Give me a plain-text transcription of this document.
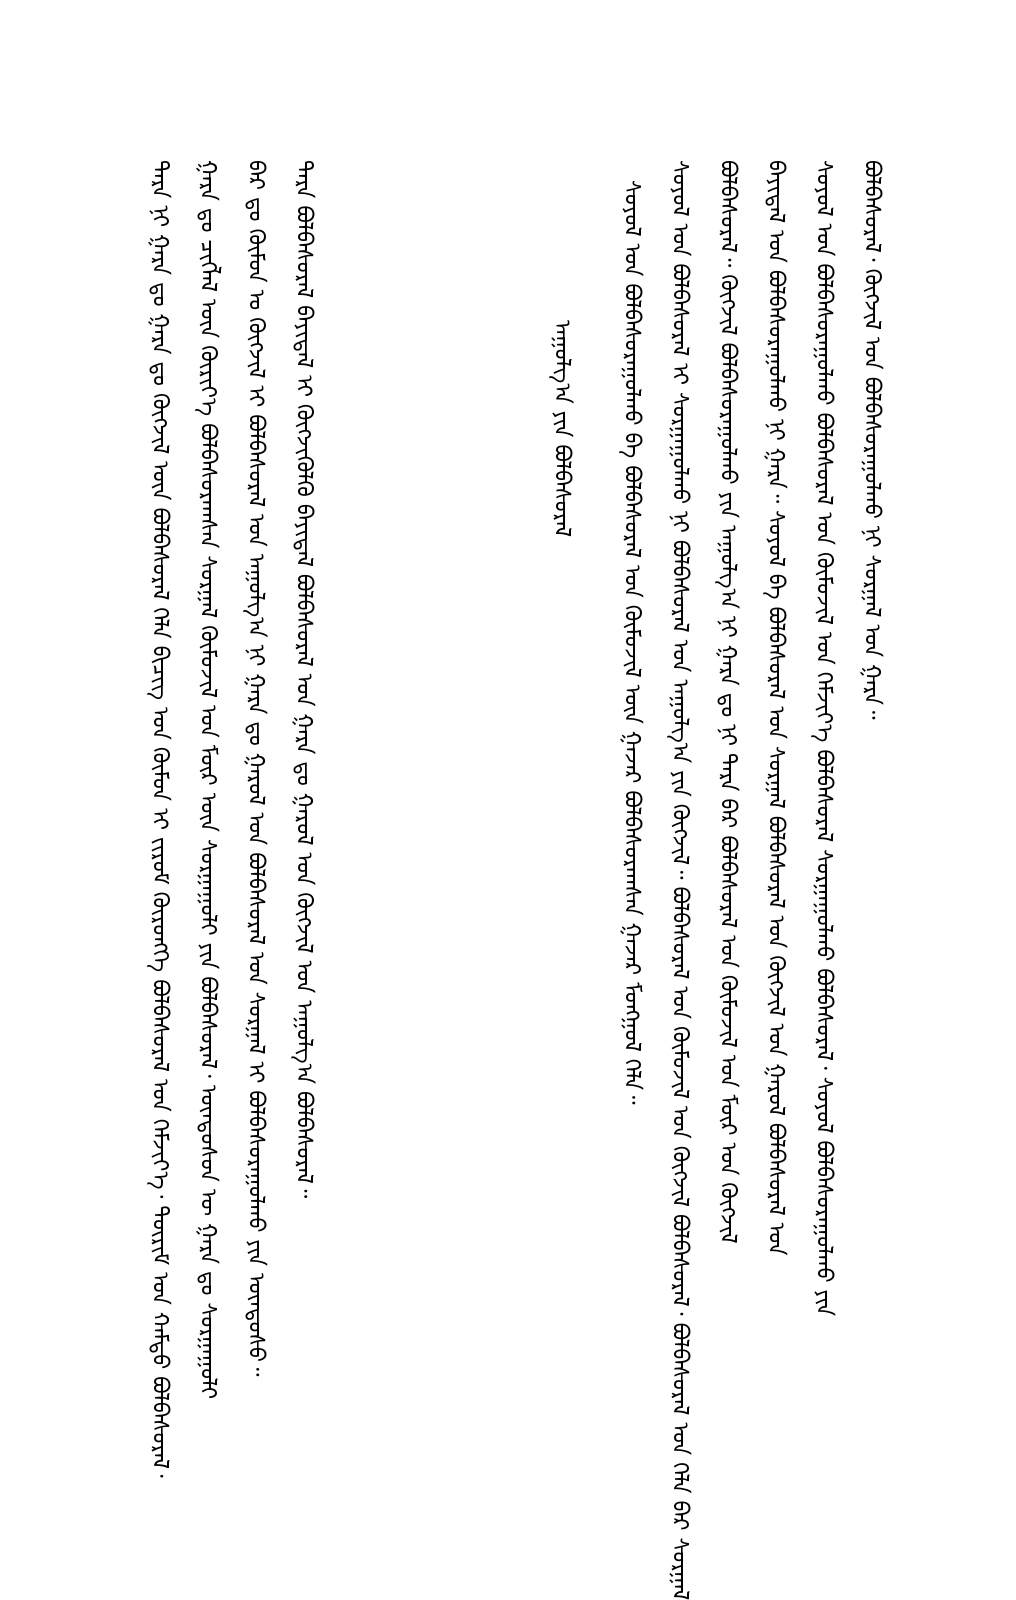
ᠲᠡᠷᠡ ᠨᠢ ᠭᠠᠷᠠ ᠳᠤ ᠭᠠᠷᠠ ᠳᠤ ᠬᠥᠭᠵᠢᠯ ᠦᠨ ᠪᠣᠯᠪᠠᠰᠤᠷᠠᠯ ᠬᠡᠯᠡ ᠪᠢᠴᠢᠭ ᠤᠨ ᠬᠦᠮᠦᠨ ᠢ ᠵᠢᠷᠤᠮ ᠬᠥᠷᠦᠩᠭᠡ ᠪᠣᠯᠪᠠᠰᠤᠷᠠᠯ ᠤᠨ ᠬᠡᠮᠵᠢᠶ᠎ᠡ᠂ ᠳᠦᠷᠢᠮ ᠤᠨ ᠬᠠᠮᠲᠤ ᠪᠣᠯᠪᠠᠰᠤᠷᠠᠯ᠂ ᠭᠠᠷᠠ ᠳᠤ ᠴᠢᠭᠯᠡᠯ ᠦᠨ ᠬᠦᠷᠢᠶ᠎ᠡ ᠪᠣᠯᠪᠠᠰᠤᠷᠠᠭᠰᠠᠨ ᠰᠤᠷᠭᠠᠯ ᠬᠦᠮᠦᠵᠢᠯ ᠤᠨ ᠮᠥᠷ ᠦᠨ ᠰᠤᠷᠭᠠᠭᠤᠯᠢ ᠶᠢᠨ ᠪᠣᠯᠪᠠᠰᠤᠷᠠᠯ᠂ ᠦᠨᠳᠦᠰᠦᠨ ᠦ ᠭᠠᠷᠠ ᠳᠤ ᠰᠤᠷᠭᠠᠭᠤᠯᠢ ᠪᠡᠷ ᠳᠤ ᠬᠦᠮᠦᠨ ᠤ ᠬᠥᠭᠵᠢᠯ ᠢ ᠪᠣᠯᠪᠠᠰᠤᠷᠠᠯ ᠤᠨ ᠠᠭᠤᠯᠭ᠎ᠠ ᠨᠢ ᠭᠠᠷᠠ ᠳᠤ ᠭᠠᠷᠤᠯ ᠤᠨ ᠪᠣᠯᠪᠠᠰᠤᠷᠠᠯ ᠤᠨ ᠰᠤᠷᠭᠠᠯ ᠢ ᠪᠣᠯᠪᠠᠰᠤᠷᠠᠭᠤᠯᠬᠤ ᠶᠢᠨ ᠦᠨᠳᠦᠰᠦ᠃ ᠲᠡᠷᠡ ᠪᠣᠯᠪᠠᠰᠤᠷᠠᠯ ᠪᠠᠶᠢᠳᠠᠯ ᠢ ᠬᠥᠭᠵᠢᠭᠦᠯᠬᠦ ᠪᠠᠶᠢᠳᠠᠯ ᠪᠣᠯᠪᠠᠰᠤᠷᠠᠯ ᠤᠨ ᠭᠠᠷᠠ ᠳᠤ ᠭᠠᠷᠤᠯ ᠤᠨ ᠬᠥᠭᠵᠢᠯ ᠤᠨ ᠠᠭᠤᠯᠭ᠎ᠠ ᠪᠣᠯᠪᠠᠰᠤᠷᠠᠯ᠃	ᠠᠭᠤᠯᠭ᠎ᠠ ᠶᠢᠨ ᠪᠣᠯᠪᠠᠰᠤᠷᠠᠯ ᠰᠣᠶᠣᠯ ᠤᠨ ᠪᠣᠯᠪᠠᠰᠤᠷᠠᠭᠤᠯᠬᠤ ᠪᠠ ᠪᠣᠯᠪᠠᠰᠤᠷᠠᠯ ᠤᠨ ᠬᠦᠮᠦᠵᠢᠯ ᠦᠨ ᠭᠠᠵᠠᠷ ᠪᠣᠯᠪᠠᠰᠤᠷᠠᠭᠰᠠᠨ ᠭᠠᠵᠠᠷ ᠮᠣᠩᠭᠣᠯ ᠬᠡᠯᠡ᠃ ᠰᠣᠶᠣᠯ ᠤᠨ ᠪᠣᠯᠪᠠᠰᠤᠷᠠᠯ ᠢ ᠰᠤᠷᠭᠠᠭᠤᠯᠬᠤ ᠨᠢ ᠪᠣᠯᠪᠠᠰᠤᠷᠠᠯ ᠤᠨ ᠠᠭᠤᠯᠭ᠎ᠠ ᠶᠢᠨ ᠬᠥᠭᠵᠢᠯ᠃ ᠪᠣᠯᠪᠠᠰᠤᠷᠠᠯ ᠤᠨ ᠬᠦᠮᠦᠵᠢᠯ ᠤᠨ ᠬᠥᠭᠵᠢᠯ ᠪᠣᠯᠪᠠᠰᠤᠷᠠᠯ᠂ ᠪᠣᠯᠪᠠᠰᠤᠷᠠᠯ ᠤᠨ ᠬᠡᠯᠡ ᠪᠡᠷ ᠰᠤᠷᠭᠠᠯ ᠪᠣᠯᠪᠠᠰᠤᠷᠠᠯ᠃ ᠬᠥᠭᠵᠢᠯ ᠪᠣᠯᠪᠠᠰᠤᠷᠠᠭᠤᠯᠬᠤ ᠶᠢᠨ ᠠᠭᠤᠯᠭ᠎ᠠ ᠨᠢ ᠭᠠᠷᠠ ᠳᠤ ᠨᠢ ᠲᠡᠷᠡ ᠪᠡᠷ ᠪᠣᠯᠪᠠᠰᠤᠷᠠᠯ ᠤᠨ ᠬᠦᠮᠦᠵᠢᠯ ᠤᠨ ᠮᠥᠷ ᠤᠨ ᠬᠥᠭᠵᠢᠯ ᠪᠠᠶᠢᠳᠠᠯ ᠤᠨ ᠪᠣᠯᠪᠠᠰᠤᠷᠠᠭᠤᠯᠬᠤ ᠨᠢ ᠭᠠᠷᠠ᠃ ᠰᠣᠶᠣᠯ ᠪᠠ ᠪᠣᠯᠪᠠᠰᠤᠷᠠᠯ ᠤᠨ ᠰᠤᠷᠭᠠᠯ ᠪᠣᠯᠪᠠᠰᠤᠷᠠᠯ ᠤᠨ ᠬᠥᠭᠵᠢᠯ ᠤᠨ ᠭᠠᠷᠤᠯ ᠪᠣᠯᠪᠠᠰᠤᠷᠠᠯ ᠤᠨ ᠰᠣᠶᠣᠯ ᠤᠨ ᠪᠣᠯᠪᠠᠰᠤᠷᠠᠭᠤᠯᠬᠤ ᠪᠣᠯᠪᠠᠰᠤᠷᠠᠯ ᠤᠨ ᠬᠦᠮᠦᠵᠢᠯ ᠤᠨ ᠬᠡᠮᠵᠢᠶ᠎ᠡ ᠪᠣᠯᠪᠠᠰᠤᠷᠠᠯ ᠰᠤᠷᠭᠠᠭᠤᠯᠬᠤ ᠪᠣᠯᠪᠠᠰᠤᠷᠠᠯ᠂ ᠰᠣᠶᠣᠯ ᠪᠣᠯᠪᠠᠰᠤᠷᠠᠭᠤᠯᠬᠤ ᠶᠢᠨ ᠪᠣᠯᠪᠠᠰᠤᠷᠠᠯ᠂ ᠬᠥᠭᠵᠢᠯ ᠤᠨ ᠪᠣᠯᠪᠠᠰᠤᠷᠠᠭᠤᠯᠬᠤ ᠨᠢ ᠰᠤᠷᠭᠠᠯ ᠤᠨ ᠭᠠᠷᠠ᠃
